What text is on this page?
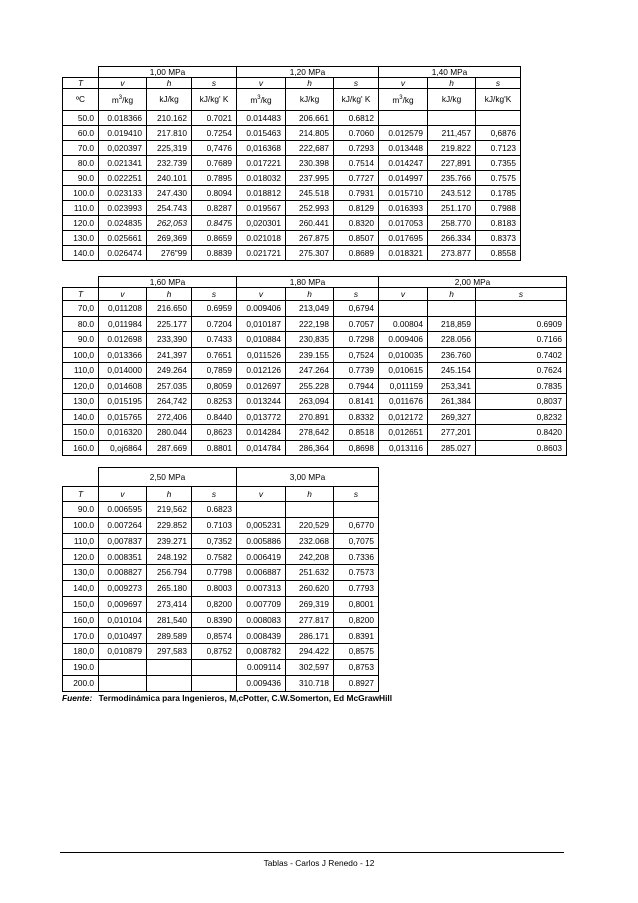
	1,00 MPa			1,20 MPa			1,40 MPa		
T	v	h	s	v	h	s	v	h	s
ºC	$m^3/kg$	kJ/kg	kJ/kg' K	$m^3/kg$	kJ/kg	kJ/kg' K	$m^3/kg$	kJ/kg	kJ/kg'K
50.0	0.018366	210.162	0.7021	0.014483	206.661	0.6812			
60.0	0.019410	217.810	0.7254	0.015463	214.805	0.7060	0.012579	211,457	0,6876
70.0	0,020397	225,319	0,7476	0,016368	222,687	0.7293	0.013448	219.822	0.7123
80.0	0.021341	232.739	0.7689	0.017221	230.398	0.7514	0.014247	227,891	0.7355
90.0	0.022251	240.101	0.7895	0.018032	237.995	0.7727	0.014997	235.766	0.7575
100.0	0.023133	247.430	0.8094	0.018812	245.518	0.7931	0.015710	243.512	0.1785
110.0	0.023993	254.743	0.8287	0.019567	252.993	0.8129	0.016393	251.170	0.7988
120.0	0.024835	262,053	0.8475	0,020301	260.441	0.8320	0.017053	258.770	0.8183
130.0	0.025661	269,369	0.8659	0.021018	267.875	0.8507	0.017695	266.334	0.8373
140.0	0.026474	276"99	0.8839	0.021721	275.307	0.8689	0.018321	273.877	0.8558
	1,60 MPa			1,80 MPa			2,00 MPa		
T	v	h	s	v	h	s	v	h	s
70,0	0,011208	216.650	0.6959	0.009406	213,049	0,6794			
80.0	0,011984	225.177	0.7204	0,010187	222,198	0.7057	0.00804	218,859	0.6909
90.0	0.012698	233,390	0.7433	0,010884	230,835	0.7298	0.009406	228.056	0.7166
100,0	0,013366	241,397	0.7651	0,011526	239.155	0,7524	0,010035	236.760	0.7402
110,0	0,014000	249.264	0,7859	0.012126	247.264	0.7739	0,010615	245.154	0.7624
120,0	0,014608	257.035	0,8059	0.012697	255.228	0.7944	0,011159	253,341	0.7835
130,0	0,015195	264,742	0.8253	0.013244	263,094	0.8141	0,011676	261,384	0,8037
140.0	0,015765	272,406	0.8440	0,013772	270.891	0.8332	0,012172	269,327	0,8232
150.0	0,016320	280.044	0,8623	0.014284	278,642	0.8518	0,012651	277,201	0.8420
160.0	0,oj6864	287.669	0.8801	0,014784	286,364	0,8698	0,013116	285.027	0.8603
	2,50 MPa			3,00 MPa		
T	v	h	s	v	h	s
90.0	0.006595	219,562	0.6823			
100.0	0.007264	229.852	0.7103	0,005231	220,529	0,6770
110,0	0,007837	239.271	0,7352	0.005886	232.068	0,7075
120.0	0.008351	248.192	0.7582	0.006419	242,208	0.7336
130,0	0.008827	256.794	0.7798	0.006887	251.632	0.7573
140,0	0,009273	265.180	0.8003	0.007313	260.620	0.7793
150,0	0,009697	273,414	0,8200	0.007709	269,319	0,8001
160,0	0,010104	281,540	0.8390	0.008083	277.817	0,8200
170.0	0,010497	289.589	0,8574	0.008439	286.171	0.8391
180,0	0,010879	297,583	0,8752	0,008782	294.422	0,8575
190.0				0.009114	302,597	0,8753
200.0				0.009436	310.718	0.8927
Fuente: Termodinámica para Ingenieros, M,cPotter, C.W.Somerton, Ed McGrawHill
Tablas - Carlos J Renedo - 12
